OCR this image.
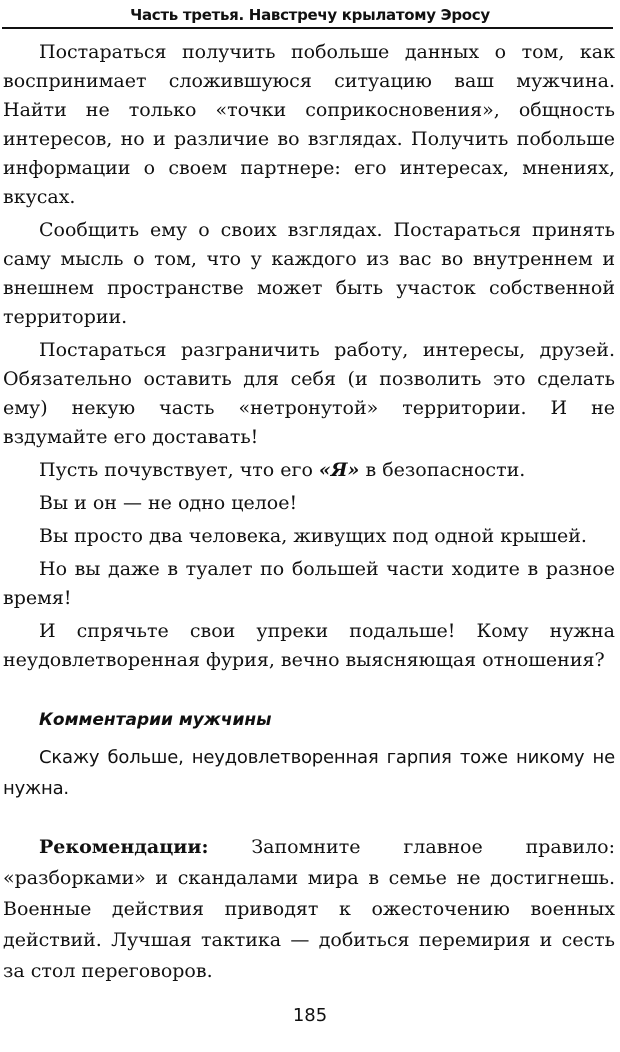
Часть третья. Навстречу крылатому Эросу

Постараться получить побольше данных о том, как воспринимает сложившуюся ситуацию ваш мужчина. Найти не только «точки соприкосновения», общность интересов, но и различие во взглядах. Получить побольше информации о своем партнере: его интересах, мнениях, вкусах.

Сообщить ему о своих взглядах. Постараться принять саму мысль о том, что у каждого из вас во внутреннем и внешнем пространстве может быть участок собственной территории.

Постараться разграничить работу, интересы, друзей. Обязательно оставить для себя (и позволить это сделать ему) некую часть «нетронутой» территории. И не вздумайте его доставать!

Пусть почувствует, что его «Я» в безопасности.

Вы и он — не одно целое!

Вы просто два человека, живущих под одной крышей.

Но вы даже в туалет по большей части ходите в разное время!

И спрячьте свои упреки подальше! Кому нужна неудовлетворенная фурия, вечно выясняющая отношения?

Комментарии мужчины

Скажу больше, неудовлетворенная гарпия тоже никому не нужна.

Рекомендации: Запомните главное правило: «разборками» и скандалами мира в семье не достигнешь. Военные действия приводят к ожесточению военных действий. Лучшая тактика — добиться перемирия и сесть за стол переговоров.

185
